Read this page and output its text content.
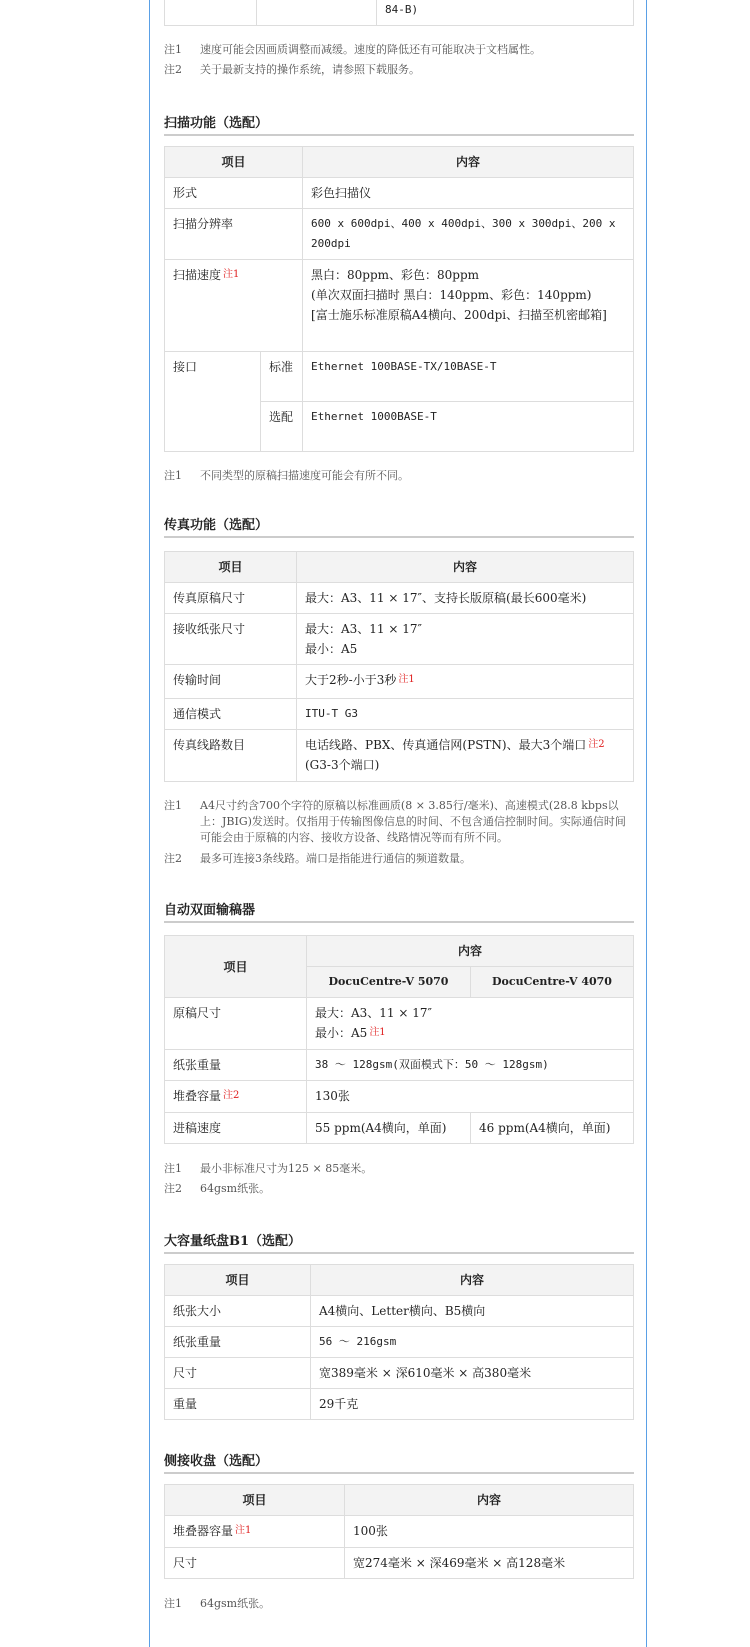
		84-B)
注1	速度可能会因画质调整而减缓。速度的降低还有可能取决于文档属性。
注2	关于最新支持的操作系统，请参照下载服务。
扫描功能（选配）
项目		内容
形式		彩色扫描仪
扫描分辨率		600 x 600dpi、400 x 400dpi、300 x 300dpi、200 x 200dpi
扫描速度 $^{注1}$		黑白：80ppm、彩色：80ppm
(单次双面扫描时 黑白：140ppm、彩色：140ppm)
[富士施乐标准原稿A4横向、200dpi、扫描至机密邮箱]

接口	标准	Ethernet 100BASE-TX/10BASE-T
	选配	Ethernet 1000BASE-T
注1	不同类型的原稿扫描速度可能会有所不同。
传真功能（选配）
项目	内容
传真原稿尺寸	最大：A3、11 × 17″、支持长版原稿(最长600毫米)
接收纸张尺寸	最大：A3、11 × 17″
最小：A5

传输时间	大于2秒-小于3秒 $^{注1}$
通信模式	ITU-T G3
传真线路数目	电话线路、PBX、传真通信网(PSTN)、最大3个端口 $^{注2}$
(G3-3个端口)
注1	A4尺寸约含700个字符的原稿以标准画质(8 × 3.85行/毫米)、高速模式(28.8 kbps以上：JBIG)发送时。仅指用于传输图像信息的时间、不包含通信控制时间。实际通信时间可能会由于原稿的内容、接收方设备、线路情况等而有所不同。
注2	最多可连接3条线路。端口是指能进行通信的频道数量。
自动双面输稿器
项目	内容	
	DocuCentre-V 5070	DocuCentre-V 4070
原稿尺寸	最大：A3、11 × 17″
最小：A5 $^{注1}$
纸张重量	38 ～ 128gsm(双面模式下：50 ～ 128gsm)	
堆叠容量 $^{注2}$	130张	
进稿速度	55 ppm(A4横向，单面)	46 ppm(A4横向，单面)
注1	最小非标准尺寸为125 × 85毫米。
注2	64gsm纸张。
大容量纸盘B1（选配）
项目	内容
纸张大小	A4横向、Letter横向、B5横向
纸张重量	56 ～ 216gsm
尺寸	宽389毫米 × 深610毫米 × 高380毫米
重量	29千克
侧接收盘（选配）
项目	内容
堆叠器容量 $^{注1}$	100张
尺寸	宽274毫米 × 深469毫米 × 高128毫米
注1	64gsm纸张。
